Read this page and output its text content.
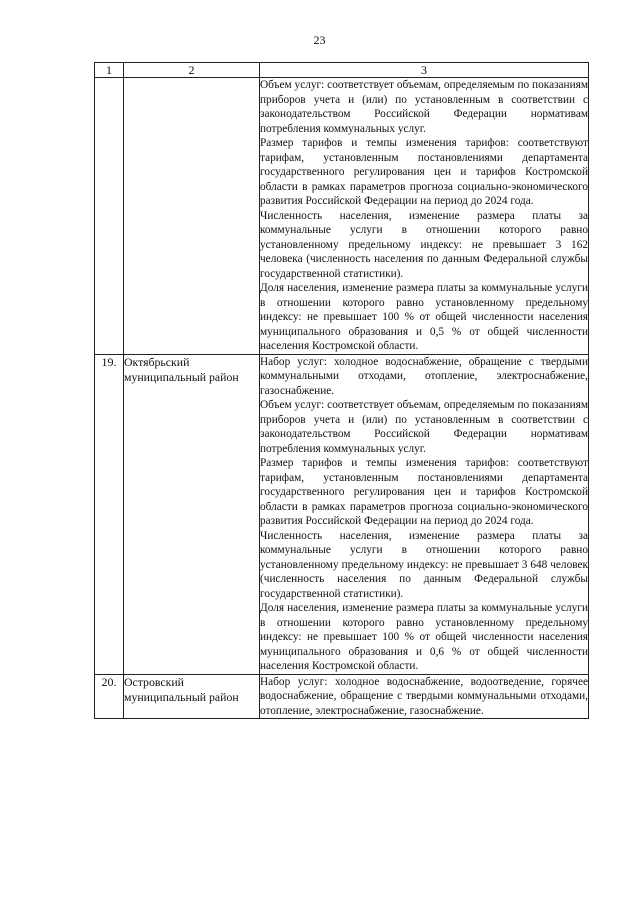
23
1	2	3

		Объем услуг: соответствует объемам, определяемым по показаниям приборов учета и (или) по установленным в соответствии с законодательством Российской Федерации нормативам потребления коммунальных услуг.

Размер тарифов и темпы изменения тарифов: соответствуют тарифам, установленным постановлениями департамента государственного регулирования цен и тарифов Костромской области в рамках параметров прогноза социально-экономического развития Российской Федерации на период до 2024 года.

Численность населения, изменение размера платы за коммунальные услуги в отношении которого равно установленному предельному индексу: не превышает 3 162 человека (численность населения по данным Федеральной службы государственной статистики).

Доля населения, изменение размера платы за коммунальные услуги в отношении которого равно установленному предельному индексу: не превышает 100 % от общей численности населения муниципального образования и 0,5 % от общей численности населения Костромской области.

19.	Октябрьский муниципальный район	Набор услуг: холодное водоснабжение, обращение с твердыми коммунальными отходами, отопление, электроснабжение, газоснабжение.

Объем услуг: соответствует объемам, определяемым по показаниям приборов учета и (или) по установленным в соответствии с законодательством Российской Федерации нормативам потребления коммунальных услуг.

Размер тарифов и темпы изменения тарифов: соответствуют тарифам, установленным постановлениями департамента государственного регулирования цен и тарифов Костромской области в рамках параметров прогноза социально-экономического развития Российской Федерации на период до 2024 года.

Численность населения, изменение размера платы за коммунальные услуги в отношении которого равно установленному предельному индексу: не превышает 3 648 человек (численность населения по данным Федеральной службы государственной статистики).

Доля населения, изменение размера платы за коммунальные услуги в отношении которого равно установленному предельному индексу: не превышает 100 % от общей численности населения муниципального образования и 0,6 % от общей численности населения Костромской области.

20.	Островский муниципальный район	Набор услуг: холодное водоснабжение, водоотведение, горячее водоснабжение, обращение с твердыми коммунальными отходами, отопление, электроснабжение, газоснабжение.
